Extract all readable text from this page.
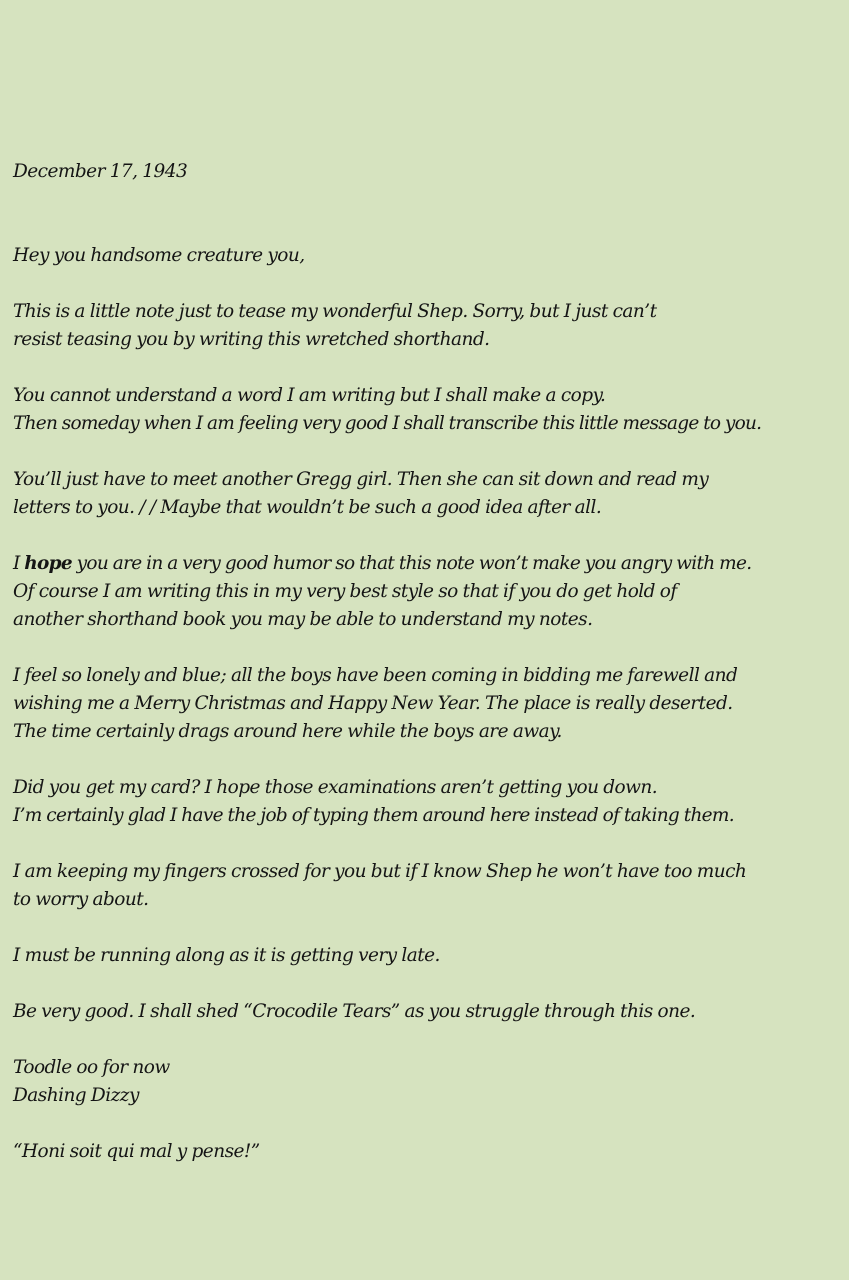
December 17, 1943
Hey you handsome creature you,
This is a little note just to tease my wonderful Shep. Sorry, but I just can’t
resist teasing you by writing this wretched shorthand.
You cannot understand a word I am writing but I shall make a copy.
Then someday when I am feeling very good I shall transcribe this little message to you.
You’ll just have to meet another Gregg girl. Then she can sit down and read my
letters to you. / / Maybe that wouldn’t be such a good idea after all.
I hope you are in a very good humor so that this note won’t make you angry with me.
Of course I am writing this in my very best style so that if you do get hold of
another shorthand book you may be able to understand my notes.
I feel so lonely and blue; all the boys have been coming in bidding me farewell and
wishing me a Merry Christmas and Happy New Year. The place is really deserted.
The time certainly drags around here while the boys are away.
Did you get my card? I hope those examinations aren’t getting you down.
I’m certainly glad I have the job of typing them around here instead of taking them.
I am keeping my fingers crossed for you but if I know Shep he won’t have too much
to worry about.
I must be running along as it is getting very late.
Be very good. I shall shed “Crocodile Tears” as you struggle through this one.
Toodle oo for now
Dashing Dizzy
“Honi soit qui mal y pense!”
